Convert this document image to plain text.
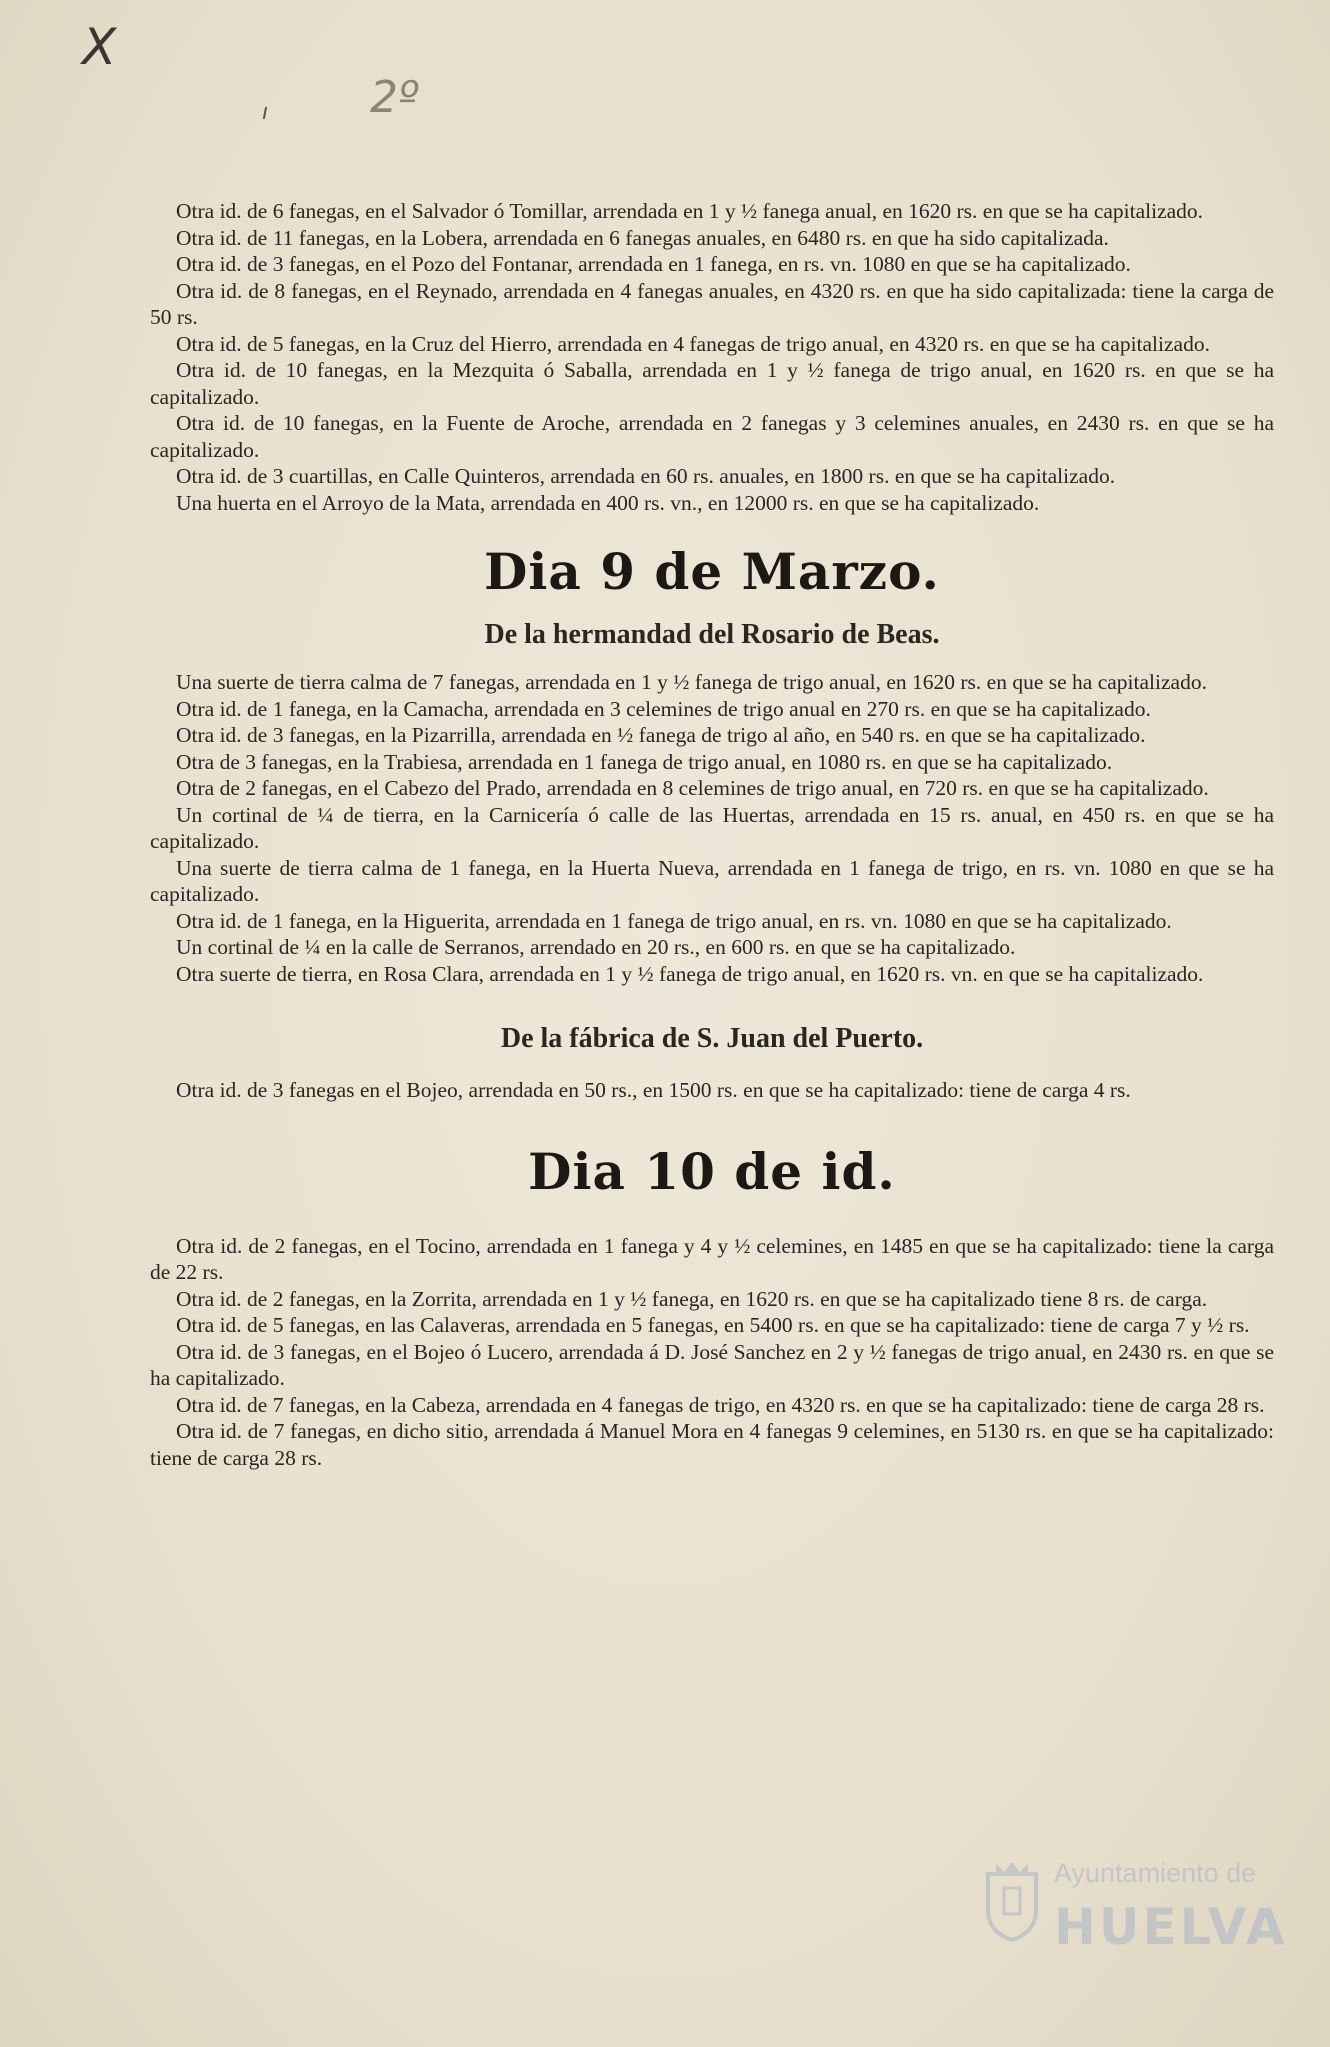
X
ı 2º

Otra id. de 6 fanegas, en el Salvador ó Tomillar, arrendada en 1 y ½ fanega anual, en 1620 rs. en que se ha capitalizado.

Otra id. de 11 fanegas, en la Lobera, arrendada en 6 fanegas anuales, en 6480 rs. en que ha sido capitalizada.

Otra id. de 3 fanegas, en el Pozo del Fontanar, arrendada en 1 fanega, en rs. vn. 1080 en que se ha capitalizado.

Otra id. de 8 fanegas, en el Reynado, arrendada en 4 fanegas anuales, en 4320 rs. en que ha sido capitalizada: tiene la carga de 50 rs.

Otra id. de 5 fanegas, en la Cruz del Hierro, arrendada en 4 fanegas de trigo anual, en 4320 rs. en que se ha capitalizado.

Otra id. de 10 fanegas, en la Mezquita ó Saballa, arrendada en 1 y ½ fanega de trigo anual, en 1620 rs. en que se ha capitalizado.

Otra id. de 10 fanegas, en la Fuente de Aroche, arrendada en 2 fanegas y 3 celemines anuales, en 2430 rs. en que se ha capitalizado.

Otra id. de 3 cuartillas, en Calle Quinteros, arrendada en 60 rs. anuales, en 1800 rs. en que se ha capitalizado.

Una huerta en el Arroyo de la Mata, arrendada en 400 rs. vn., en 12000 rs. en que se ha capitalizado.

Dia 9 de Marzo.
De la hermandad del Rosario de Beas.

Una suerte de tierra calma de 7 fanegas, arrendada en 1 y ½ fanega de trigo anual, en 1620 rs. en que se ha capitalizado.

Otra id. de 1 fanega, en la Camacha, arrendada en 3 celemines de trigo anual en 270 rs. en que se ha capitalizado.

Otra id. de 3 fanegas, en la Pizarrilla, arrendada en ½ fanega de trigo al año, en 540 rs. en que se ha capitalizado.

Otra de 3 fanegas, en la Trabiesa, arrendada en 1 fanega de trigo anual, en 1080 rs. en que se ha capitalizado.

Otra de 2 fanegas, en el Cabezo del Prado, arrendada en 8 celemines de trigo anual, en 720 rs. en que se ha capitalizado.

Un cortinal de ¼ de tierra, en la Carnicería ó calle de las Huertas, arrendada en 15 rs. anual, en 450 rs. en que se ha capitalizado.

Una suerte de tierra calma de 1 fanega, en la Huerta Nueva, arrendada en 1 fanega de trigo, en rs. vn. 1080 en que se ha capitalizado.

Otra id. de 1 fanega, en la Higuerita, arrendada en 1 fanega de trigo anual, en rs. vn. 1080 en que se ha capitalizado.

Un cortinal de ¼ en la calle de Serranos, arrendado en 20 rs., en 600 rs. en que se ha capitalizado.

Otra suerte de tierra, en Rosa Clara, arrendada en 1 y ½ fanega de trigo anual, en 1620 rs. vn. en que se ha capitalizado.

De la fábrica de S. Juan del Puerto.

Otra id. de 3 fanegas en el Bojeo, arrendada en 50 rs., en 1500 rs. en que se ha capitalizado: tiene de carga 4 rs.

Dia 10 de id.

Otra id. de 2 fanegas, en el Tocino, arrendada en 1 fanega y 4 y ½ celemines, en 1485 en que se ha capitalizado: tiene la carga de 22 rs.

Otra id. de 2 fanegas, en la Zorrita, arrendada en 1 y ½ fanega, en 1620 rs. en que se ha capitalizado tiene 8 rs. de carga.

Otra id. de 5 fanegas, en las Calaveras, arrendada en 5 fanegas, en 5400 rs. en que se ha capitalizado: tiene de carga 7 y ½ rs.

Otra id. de 3 fanegas, en el Bojeo ó Lucero, arrendada á D. José Sanchez en 2 y ½ fanegas de trigo anual, en 2430 rs. en que se ha capitalizado.

Otra id. de 7 fanegas, en la Cabeza, arrendada en 4 fanegas de trigo, en 4320 rs. en que se ha capitalizado: tiene de carga 28 rs.

Otra id. de 7 fanegas, en dicho sitio, arrendada á Manuel Mora en 4 fanegas 9 celemines, en 5130 rs. en que se ha capitalizado: tiene de carga 28 rs.

Ayuntamiento de
HUELVA
